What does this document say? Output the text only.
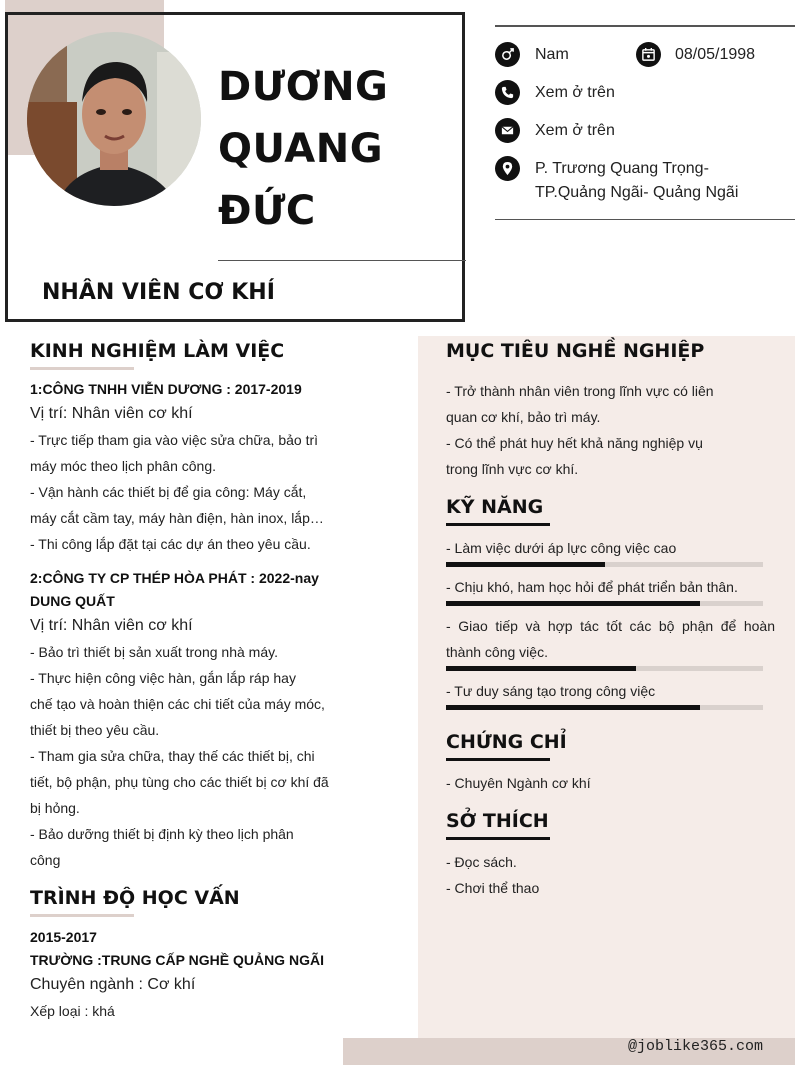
DƯƠNG
QUANG
ĐỨC
NHÂN VIÊN CƠ KHÍ
Nam	08/05/1998
Xem ở trên
Xem ở trên
P. Trương Quang Trọng-
TP.Quảng Ngãi- Quảng Ngãi
KINH NGHIỆM LÀM VIỆC
1:CÔNG TNHH VIỄN DƯƠNG : 2017-2019
Vị trí: Nhân viên cơ khí
- Trực tiếp tham gia vào việc sửa chữa, bảo trì
máy móc theo lịch phân công.
- Vận hành các thiết bị để gia công: Máy cắt,
máy cắt cầm tay, máy hàn điện, hàn inox, lắp…
- Thi công lắp đặt tại các dự án theo yêu cầu.
2:CÔNG TY CP THÉP HÒA PHÁT : 2022-nay
DUNG QUẤT
Vị trí: Nhân viên cơ khí
- Bảo trì thiết bị sản xuất trong nhà máy.
- Thực hiện công việc hàn, gắn lắp ráp hay
chế tạo và hoàn thiện các chi tiết của máy móc,
thiết bị theo yêu cầu.
- Tham gia sửa chữa, thay thế các thiết bị, chi
tiết, bộ phận, phụ tùng cho các thiết bị cơ khí đã
bị hỏng.
- Bảo dưỡng thiết bị định kỳ theo lịch phân
công
TRÌNH ĐỘ HỌC VẤN
2015-2017
TRƯỜNG :TRUNG CẤP NGHỀ QUẢNG NGÃI
Chuyên ngành : Cơ khí
Xếp loại : khá
MỤC TIÊU NGHỀ NGHIỆP
- Trở thành nhân viên trong lĩnh vực có liên
quan cơ khí, bảo trì máy.
- Có thể phát huy hết khả năng nghiệp vụ
trong lĩnh vực cơ khí.
KỸ NĂNG
- Làm việc dưới áp lực công việc cao
- Chịu khó, ham học hỏi để phát triển bản thân.
- Giao tiếp và hợp tác tốt các bộ phận để hoàn
thành công việc.
- Tư duy sáng tạo trong công việc
CHỨNG CHỈ
- Chuyên Ngành cơ khí
SỞ THÍCH
- Đọc sách.
- Chơi thể thao
@joblike365.com
